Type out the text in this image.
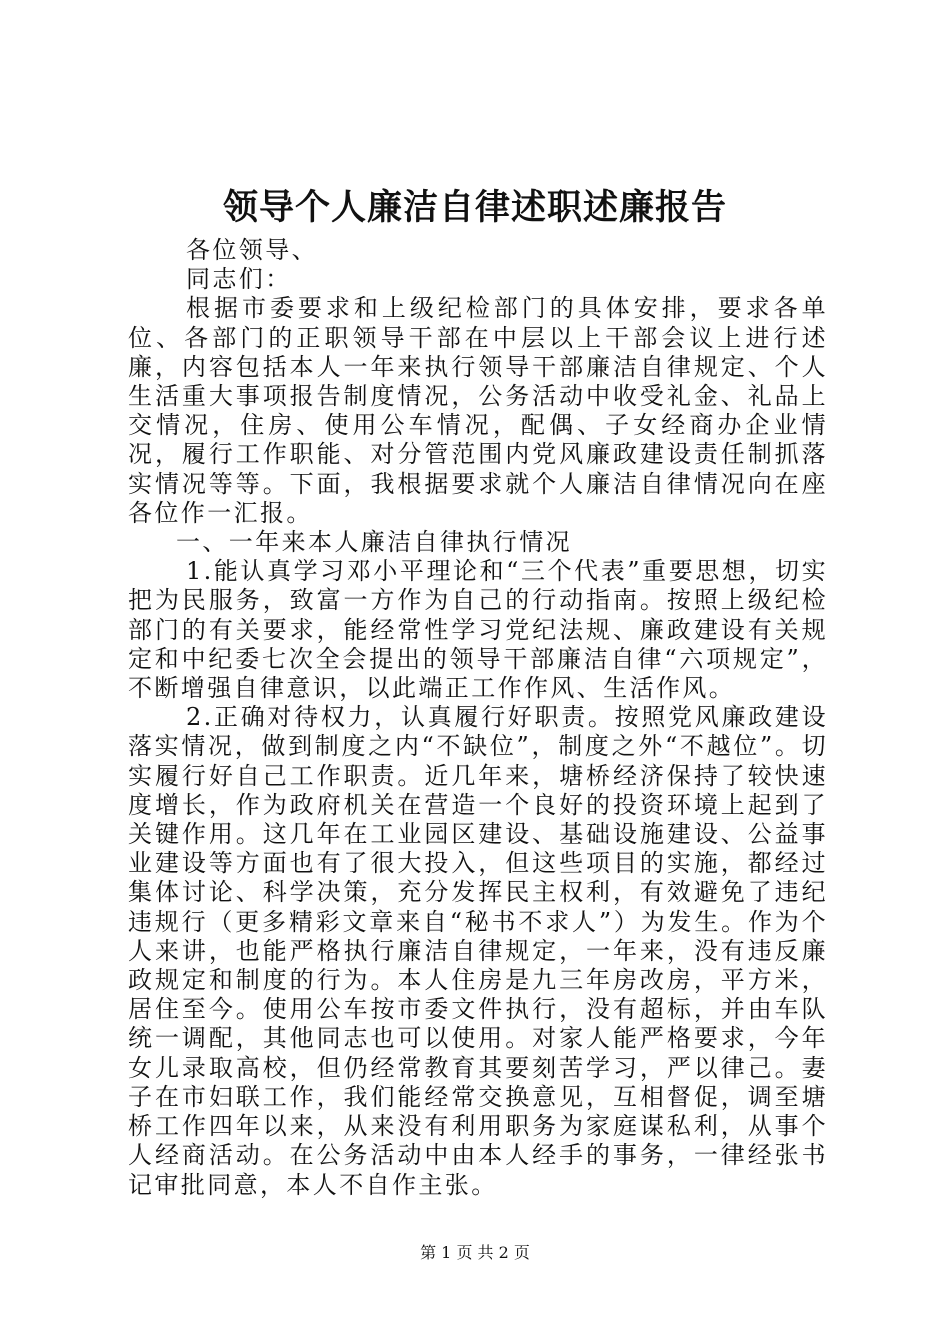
领导个人廉洁自律述职述廉报告

各位领导、

同志们：

根据市委要求和上级纪检部门的具体安排，要求各单位、各部门的正职领导干部在中层以上干部会议上进行述廉，内容包括本人一年来执行领导干部廉洁自律规定、个人生活重大事项报告制度情况，公务活动中收受礼金、礼品上交情况，住房、使用公车情况，配偶、子女经商办企业情况，履行工作职能、对分管范围内党风廉政建设责任制抓落实情况等等。下面，我根据要求就个人廉洁自律情况向在座各位作一汇报。

一、一年来本人廉洁自律执行情况

1.能认真学习邓小平理论和“三个代表”重要思想，切实把为民服务，致富一方作为自己的行动指南。按照上级纪检部门的有关要求，能经常性学习党纪法规、廉政建设有关规定和中纪委七次全会提出的领导干部廉洁自律“六项规定”，不断增强自律意识，以此端正工作作风、生活作风。

2.正确对待权力，认真履行好职责。按照党风廉政建设落实情况，做到制度之内“不缺位”，制度之外“不越位”。切实履行好自己工作职责。近几年来，塘桥经济保持了较快速度增长，作为政府机关在营造一个良好的投资环境上起到了关键作用。这几年在工业园区建设、基础设施建设、公益事业建设等方面也有了很大投入，但这些项目的实施，都经过集体讨论、科学决策，充分发挥民主权利，有效避免了违纪违规行（更多精彩文章来自“秘书不求人”）为发生。作为个人来讲，也能严格执行廉洁自律规定，一年来，没有违反廉政规定和制度的行为。本人住房是九三年房改房，平方米，居住至今。使用公车按市委文件执行，没有超标，并由车队统一调配，其他同志也可以使用。对家人能严格要求，今年女儿录取高校，但仍经常教育其要刻苦学习，严以律己。妻子在市妇联工作，我们能经常交换意见，互相督促，调至塘桥工作四年以来，从来没有利用职务为家庭谋私利，从事个人经商活动。在公务活动中由本人经手的事务，一律经张书记审批同意，本人不自作主张。

第 1 页 共 2 页
